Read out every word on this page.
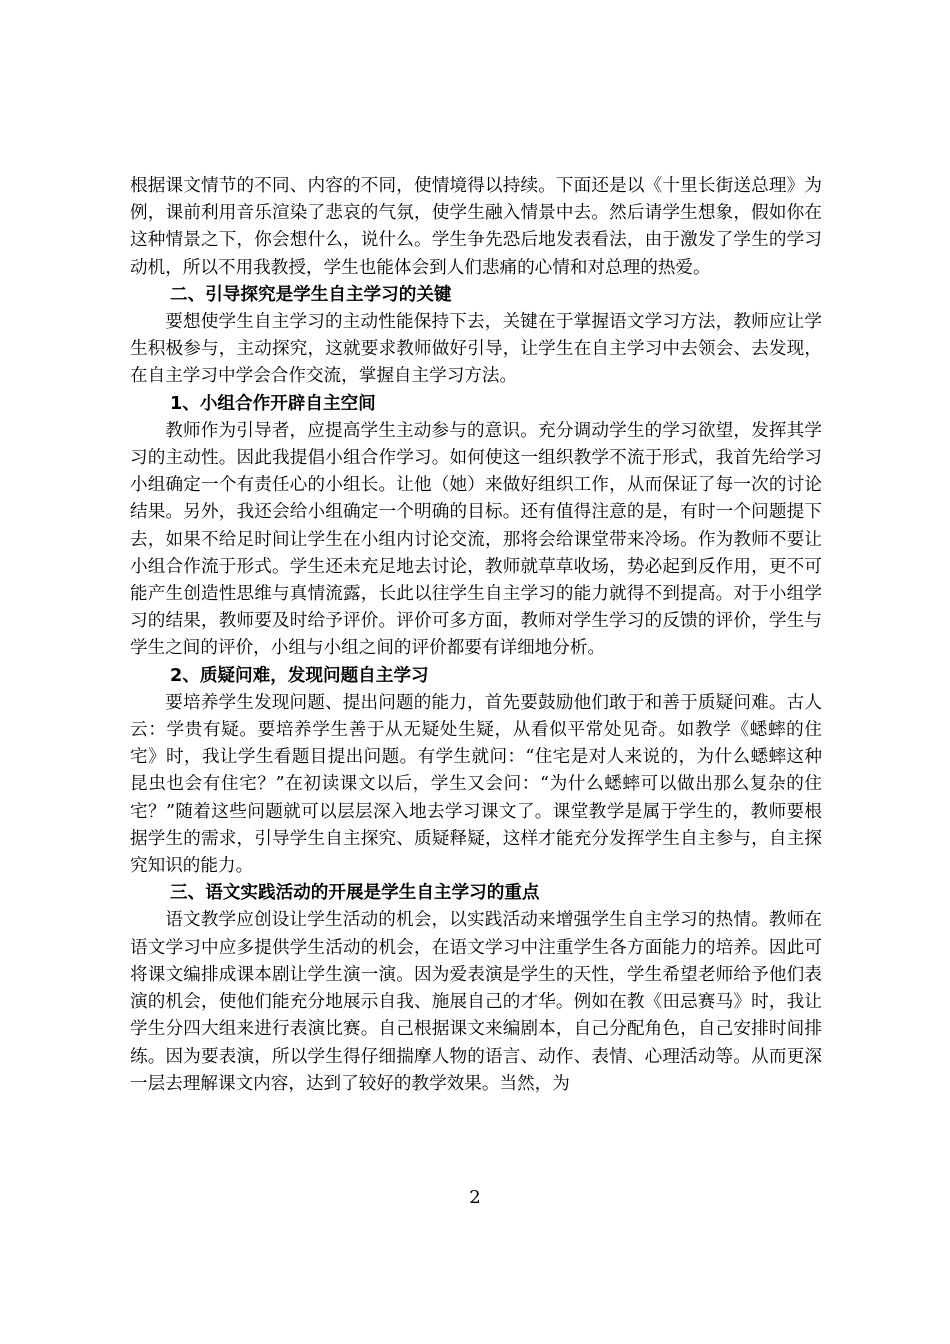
根据课文情节的不同、内容的不同，使情境得以持续。下面还是以《十里长街送总理》为例，课前利用音乐渲染了悲哀的气氛，使学生融入情景中去。然后请学生想象，假如你在这种情景之下，你会想什么，说什么。学生争先恐后地发表看法，由于激发了学生的学习动机，所以不用我教授，学生也能体会到人们悲痛的心情和对总理的热爱。

二、引导探究是学生自主学习的关键

要想使学生自主学习的主动性能保持下去，关键在于掌握语文学习方法，教师应让学生积极参与，主动探究，这就要求教师做好引导，让学生在自主学习中去领会、去发现，在自主学习中学会合作交流，掌握自主学习方法。

1、小组合作开辟自主空间

教师作为引导者，应提高学生主动参与的意识。充分调动学生的学习欲望，发挥其学习的主动性。因此我提倡小组合作学习。如何使这一组织教学不流于形式，我首先给学习小组确定一个有责任心的小组长。让他（她）来做好组织工作，从而保证了每一次的讨论结果。另外，我还会给小组确定一个明确的目标。还有值得注意的是，有时一个问题提下去，如果不给足时间让学生在小组内讨论交流，那将会给课堂带来冷场。作为教师不要让小组合作流于形式。学生还未充足地去讨论，教师就草草收场，势必起到反作用，更不可能产生创造性思维与真情流露，长此以往学生自主学习的能力就得不到提高。对于小组学习的结果，教师要及时给予评价。评价可多方面，教师对学生学习的反馈的评价，学生与学生之间的评价，小组与小组之间的评价都要有详细地分析。

2、质疑问难，发现问题自主学习

要培养学生发现问题、提出问题的能力，首先要鼓励他们敢于和善于质疑问难。古人云：学贵有疑。要培养学生善于从无疑处生疑，从看似平常处见奇。如教学《蟋蟀的住宅》时，我让学生看题目提出问题。有学生就问：“住宅是对人来说的，为什么蟋蟀这种昆虫也会有住宅？”在初读课文以后，学生又会问：“为什么蟋蟀可以做出那么复杂的住宅？”随着这些问题就可以层层深入地去学习课文了。课堂教学是属于学生的，教师要根据学生的需求，引导学生自主探究、质疑释疑，这样才能充分发挥学生自主参与，自主探究知识的能力。

三、语文实践活动的开展是学生自主学习的重点

语文教学应创设让学生活动的机会，以实践活动来增强学生自主学习的热情。教师在语文学习中应多提供学生活动的机会，在语文学习中注重学生各方面能力的培养。因此可将课文编排成课本剧让学生演一演。因为爱表演是学生的天性，学生希望老师给予他们表演的机会，使他们能充分地展示自我、施展自己的才华。例如在教《田忌赛马》时，我让学生分四大组来进行表演比赛。自己根据课文来编剧本，自己分配角色，自己安排时间排练。因为要表演，所以学生得仔细揣摩人物的语言、动作、表情、心理活动等。从而更深一层去理解课文内容，达到了较好的教学效果。当然，为

2
